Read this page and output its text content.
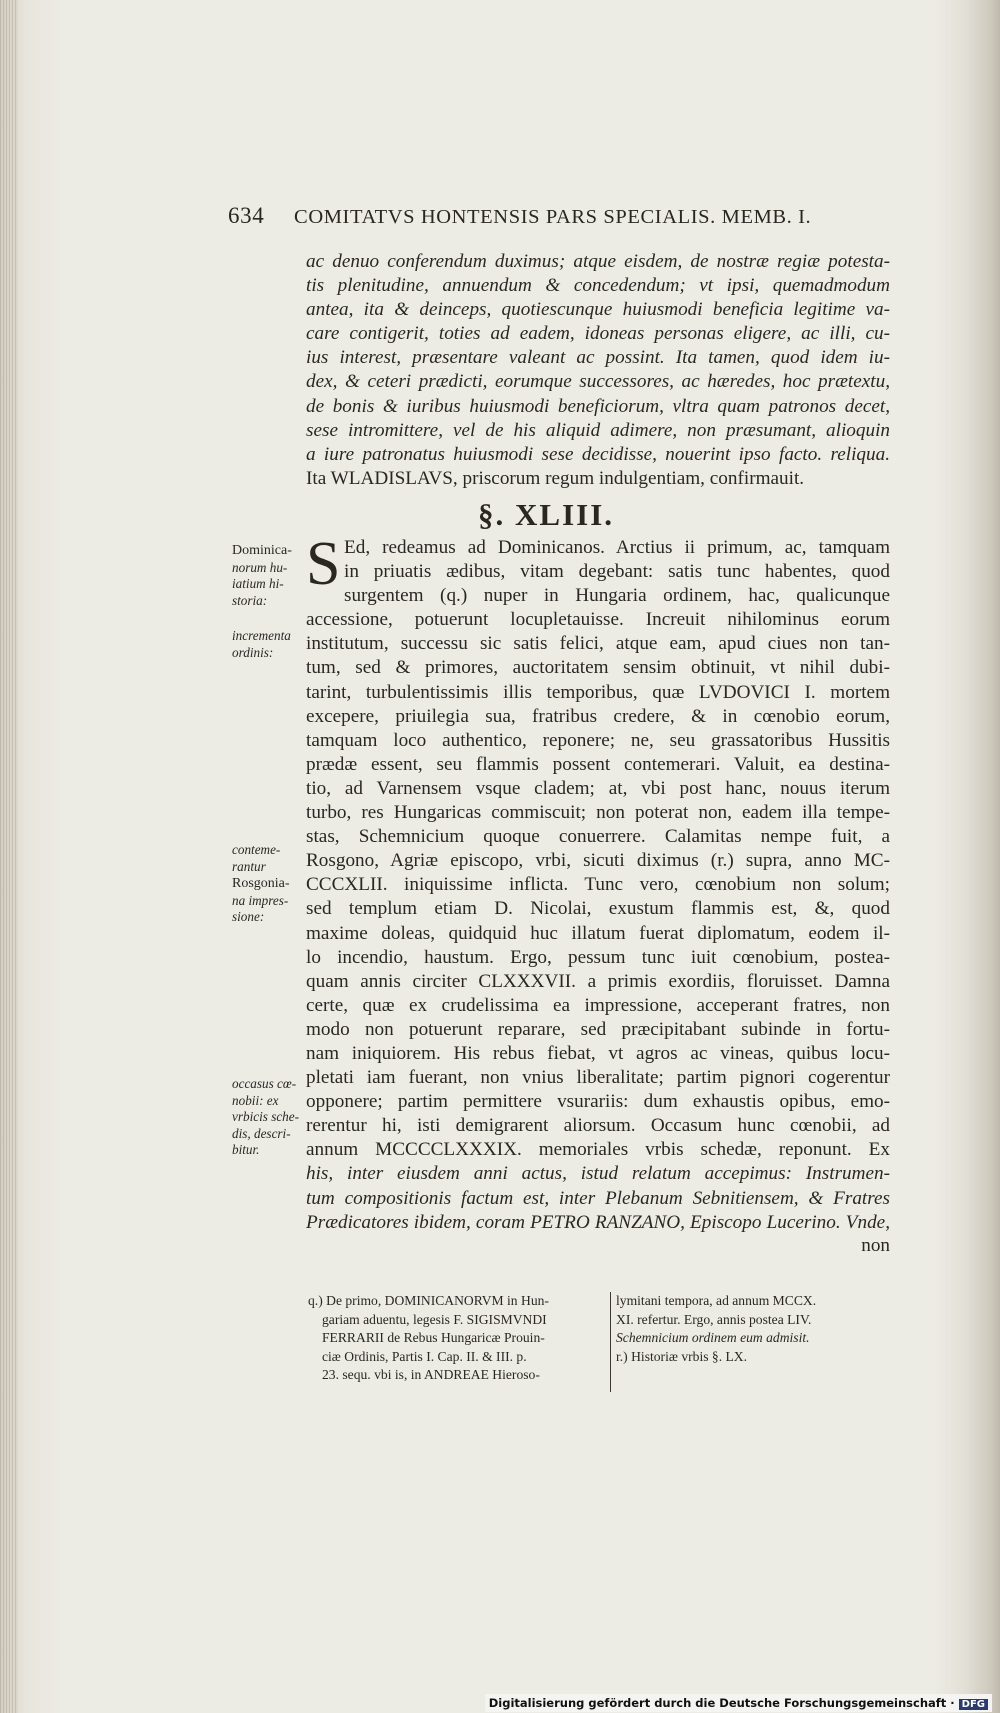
634 COMITATVS HONTENSIS PARS SPECIALIS. MEMB. I.
ac denuo conferendum duximus; atque eisdem, de nostræ regiæ potesta-
tis plenitudine, annuendum & concedendum; vt ipsi, quemadmodum
antea, ita & deinceps, quotiescunque huiusmodi beneficia legitime va-
care contigerit, toties ad eadem, idoneas personas eligere, ac illi, cu-
ius interest, præsentare valeant ac possint. Ita tamen, quod idem iu-
dex, & ceteri prædicti, eorumque successores, ac hæredes, hoc prætextu,
de bonis & iuribus huiusmodi beneficiorum, vltra quam patronos decet,
sese intromittere, vel de his aliquid adimere, non præsumant, alioquin
a iure patronatus huiusmodi sese decidisse, nouerint ipso facto. reliqua.
Ita WLADISLAVS, priscorum regum indulgentiam, confirmauit.
§. XLIII.
S Ed, redeamus ad Dominicanos. Arctius ii primum, ac, tamquam
in priuatis ædibus, vitam degebant: satis tunc habentes, quod
surgentem (q.) nuper in Hungaria ordinem, hac, qualicunque
accessione, potuerunt locupletauisse. Increuit nihilominus eorum
institutum, successu sic satis felici, atque eam, apud ciues non tan-
tum, sed & primores, auctoritatem sensim obtinuit, vt nihil dubi-
tarint, turbulentissimis illis temporibus, quæ LVDOVICI I. mortem
excepere, priuilegia sua, fratribus credere, & in cœnobio eorum,
tamquam loco authentico, reponere; ne, seu grassatoribus Hussitis
prædæ essent, seu flammis possent contemerari. Valuit, ea destina-
tio, ad Varnensem vsque cladem; at, vbi post hanc, nouus iterum
turbo, res Hungaricas commiscuit; non poterat non, eadem illa tempe-
stas, Schemnicium quoque conuerrere. Calamitas nempe fuit, a
Rosgono, Agriæ episcopo, vrbi, sicuti diximus (r.) supra, anno MC-
CCCXLII. iniquissime inflicta. Tunc vero, cœnobium non solum;
sed templum etiam D. Nicolai, exustum flammis est, &, quod
maxime doleas, quidquid huc illatum fuerat diplomatum, eodem il-
lo incendio, haustum. Ergo, pessum tunc iuit cœnobium, postea-
quam annis circiter CLXXXVII. a primis exordiis, floruisset. Damna
certe, quæ ex crudelissima ea impressione, acceperant fratres, non
modo non potuerunt reparare, sed præcipitabant subinde in fortu-
nam iniquiorem. His rebus fiebat, vt agros ac vineas, quibus locu-
pletati iam fuerant, non vnius liberalitate; partim pignori cogerentur
opponere; partim permittere vsurariis: dum exhaustis opibus, emo-
rerentur hi, isti demigrarent aliorsum. Occasum hunc cœnobii, ad
annum MCCCCLXXXIX. memoriales vrbis schedæ, reponunt. Ex
his, inter eiusdem anni actus, istud relatum accepimus: Instrumen-
tum compositionis factum est, inter Plebanum Sebnitiensem, & Fratres
Prædicatores ibidem, coram PETRO RANZANO, Episcopo Lucerino. Vnde,
non
Dominica-
norum hu-
iatium hi-
storia:
incrementa
ordinis:
contemе-
rantur
Rosgonia-
na impres-
sione:
occasus cœ-
nobii: ex
vrbicis sche-
dis, descri-
bitur.
q.) De primo, DOMINICANORVM in Hun-
gariam aduentu, legesis F. SIGISMVNDI
FERRARII de Rebus Hungaricæ Prouin-
ciæ Ordinis, Partis I. Cap. II. & III. p.
23. sequ. vbi is, in ANDREAE Hieroso-
lymitani tempora, ad annum MCCX.
XI. refertur. Ergo, annis postea LIV.
Schemnicium ordinem eum admisit.
r.) Historiæ vrbis §. LX.
Digitalisierung gefördert durch die Deutsche Forschungsgemeinschaft · DFG
